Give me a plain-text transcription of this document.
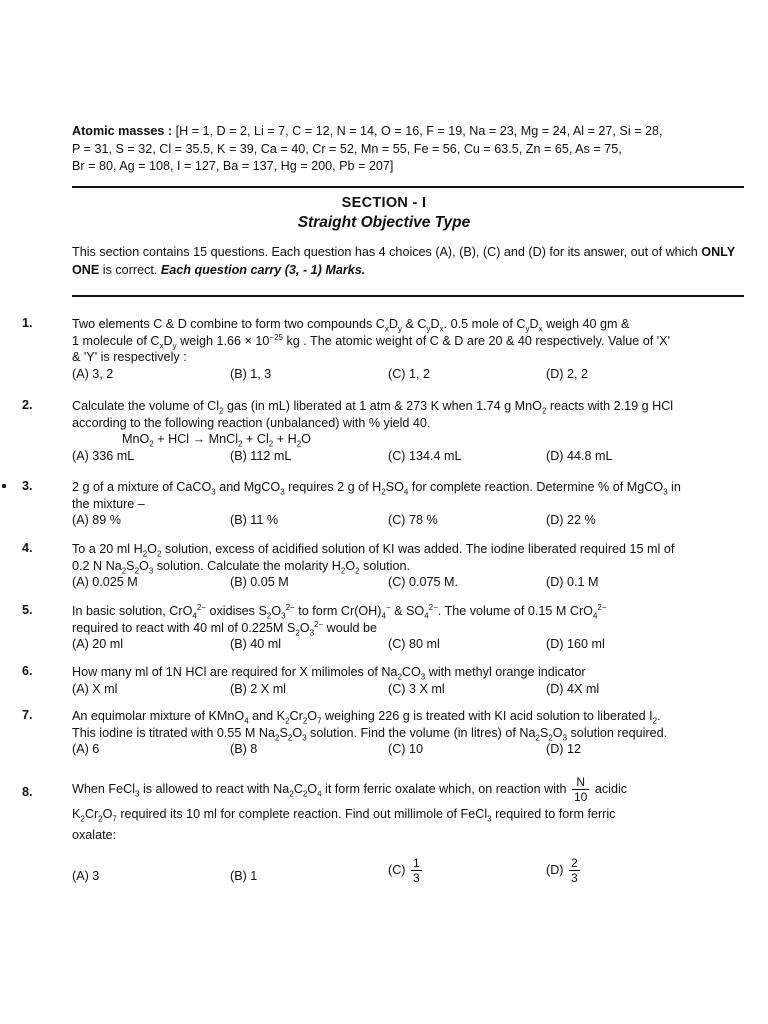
Atomic masses : [H = 1, D = 2, Li = 7, C = 12, N = 14, O = 16, F = 19, Na = 23, Mg = 24, Al = 27, Si = 28,
P = 31, S = 32, Cl = 35.5, K = 39, Ca = 40, Cr = 52, Mn = 55, Fe = 56, Cu = 63.5, Zn = 65, As = 75,
Br = 80, Ag = 108, I = 127, Ba = 137, Hg = 200, Pb = 207]
SECTION - I
Straight Objective Type
This section contains 15 questions. Each question has 4 choices (A), (B), (C) and (D) for its answer, out of which ONLY ONE is correct. Each question carry (3, - 1) Marks.
1.	Two elements C & D combine to form two compounds $C_xD_y$ & $C_yD_x$. 0.5 mole of $C_yD_x$ weigh 40 gm &
1 molecule of $C_xD_y$ weigh $1.66 \times 10^{-25}$ kg . The atomic weight of C & D are 20 & 40 respectively. Value of 'X'
& 'Y' is respectively :
(A) 3, 2	(B) 1, 3	(C) 1, 2	(D) 2, 2
2.	Calculate the volume of $Cl_2$ gas (in mL) liberated at 1 atm & 273 K when 1.74 g MnO$_2$ reacts with 2.19 g HCl
according to the following reaction (unbalanced) with % yield 40.
MnO$_2$ + HCl → MnCl$_2$ + $Cl_2 + H_2O$
(A) 336 mL	(B) 112 mL	(C) 134.4 mL	(D) 44.8 mL
3.	2 g of a mixture of CaCO$_3$ and MgCO$_3$ requires 2 g of $H_2SO_4$ for complete reaction. Determine % of MgCO$_3$ in
the mixture –
(A) 89 %	(B) 11 %	(C) 78 %	(D) 22 %
4.	To a 20 ml $H_2O_2$ solution, excess of acidified solution of KI was added. The iodine liberated required 15 ml of
0.2 N $Na_2S_2O_3$ solution. Calculate the molarity $H_2O_2$ solution.
(A) 0.025 M	(B) 0.05 M	(C) 0.075 M.	(D) 0.1 M
5.	In basic solution, CrO$_4^{2-}$ oxidises $S_2O_3^{2-}$ to form $Cr(OH)_4^-$ & $SO_4^{2-}$. The volume of 0.15 M CrO$_4^{2-}$
required to react with 40 ml of 0.225M $S_2O_3^{2-}$ would be
(A) 20 ml	(B) 40 ml	(C) 80 ml	(D) 160 ml
6.	How many ml of 1N HCl are required for X milimoles of $Na_2CO_3$ with methyl orange indicator
(A) X ml	(B) 2 X ml	(C) 3 X ml	(D) 4X ml
7.	An equimolar mixture of KMnO$_4$ and $K_2Cr_2O_7$ weighing 226 g is treated with KI acid solution to liberated $I_2$.
This iodine is titrated with 0.55 M $Na_2S_2O_3$ solution. Find the volume (in litres) of $Na_2S_2O_3$ solution required.
(A) 6	(B) 8	(C) 10	(D) 12
8.	When FeCl$_3$ is allowed to react with $Na_2C_2O_4$ it form ferric oxalate which, on reaction with $\frac{N}{10}$ acidic
$K_2Cr_2O_7$ required its 10 ml for complete reaction. Find out millimole of FeCl$_3$ required to form ferric
oxalate:
(A) 3	(B) 1	$(C) \frac{1}{3}$	$(D) \frac{2}{3}$
